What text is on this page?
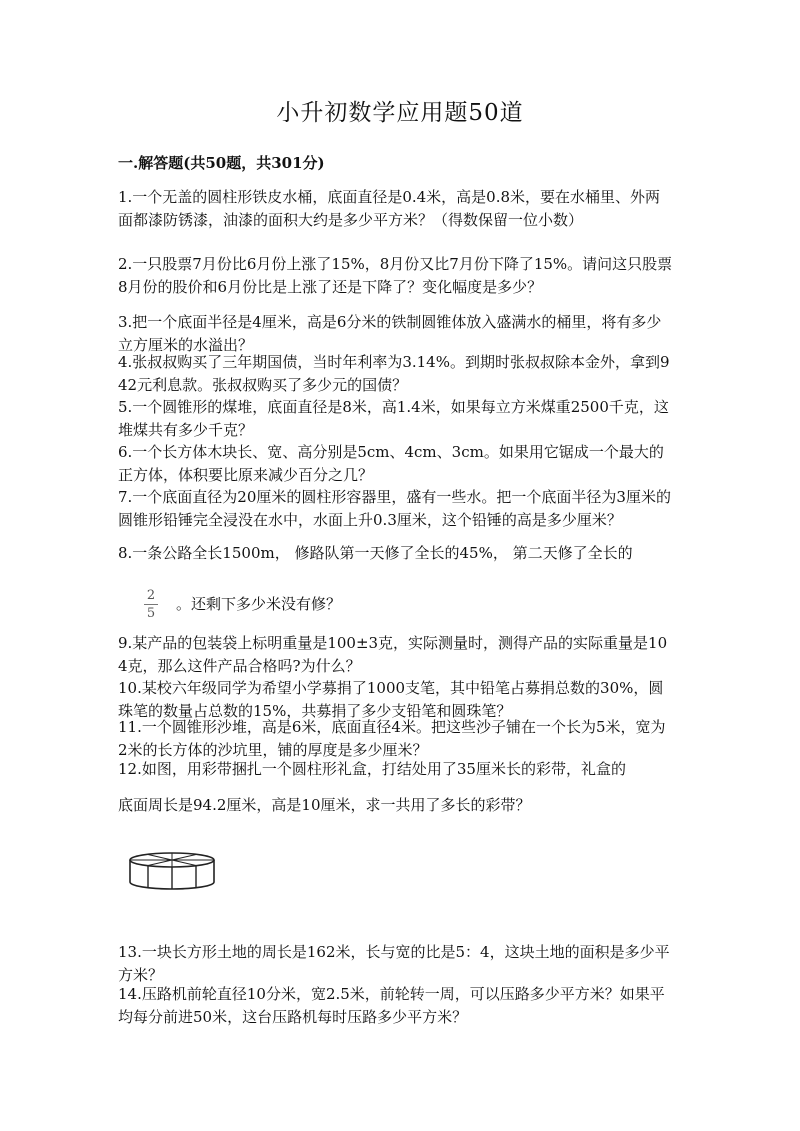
小升初数学应用题50道
一.解答题(共50题，共301分)
1.一个无盖的圆柱形铁皮水桶，底面直径是0.4米，高是0.8米，要在水桶里、外两面都漆防锈漆，油漆的面积大约是多少平方米？（得数保留一位小数）
2.一只股票7月份比6月份上涨了15%，8月份又比7月份下降了15%。请问这只股票8月份的股价和6月份比是上涨了还是下降了？变化幅度是多少？
3.把一个底面半径是4厘米，高是6分米的铁制圆锥体放入盛满水的桶里，将有多少立方厘米的水溢出？
4.张叔叔购买了三年期国债，当时年利率为3.14%。到期时张叔叔除本金外，拿到942元利息款。张叔叔购买了多少元的国债？
5.一个圆锥形的煤堆，底面直径是8米，高1.4米，如果每立方米煤重2500千克，这堆煤共有多少千克？
6.一个长方体木块长、宽、高分别是5cm、4cm、3cm。如果用它锯成一个最大的正方体，体积要比原来减少百分之几？
7.一个底面直径为20厘米的圆柱形容器里，盛有一些水。把一个底面半径为3厘米的圆锥形铅锤完全浸没在水中，水面上升0.3厘米，这个铅锤的高是多少厘米？
8.一条公路全长1500m， 修路队第一天修了全长的45%， 第二天修了全长的
2
5
。还剩下多少米没有修？
9.某产品的包装袋上标明重量是100±3克，实际测量时，测得产品的实际重量是104克，那么这件产品合格吗?为什么？
10.某校六年级同学为希望小学募捐了1000支笔，其中铅笔占募捐总数的30%，圆珠笔的数量占总数的15%，共募捐了多少支铅笔和圆珠笔？
11.一个圆锥形沙堆，高是6米，底面直径4米。把这些沙子铺在一个长为5米，宽为2米的长方体的沙坑里，铺的厚度是多少厘米？
12.如图，用彩带捆扎一个圆柱形礼盒，打结处用了35厘米长的彩带，礼盒的
底面周长是94.2厘米，高是10厘米，求一共用了多长的彩带？
13.一块长方形土地的周长是162米，长与宽的比是5：4，这块土地的面积是多少平方米？
14.压路机前轮直径10分米，宽2.5米，前轮转一周，可以压路多少平方米？如果平均每分前进50米，这台压路机每时压路多少平方米？
